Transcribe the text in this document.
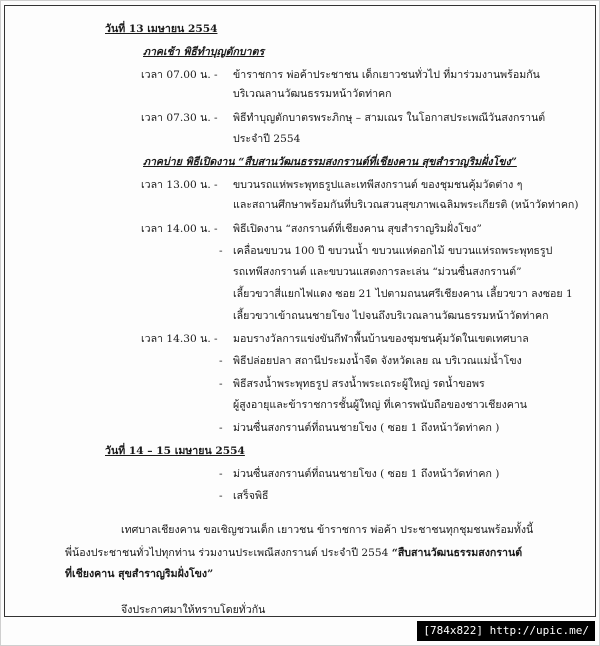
วันที่ 13 เมษายน 2554
ภาคเช้า พิธีทำบุญตักบาตร
เวลา 07.00 น. - ข้าราชการ พ่อค้าประชาชน เด็กเยาวชนทั่วไป ที่มาร่วมงานพร้อมกัน
บริเวณลานวัฒนธรรมหน้าวัดท่าคก
เวลา 07.30 น. - พิธีทำบุญตักบาตรพระภิกษุ – สามเณร ในโอกาสประเพณีวันสงกรานต์
ประจำปี 2554
ภาคบ่าย พิธีเปิดงาน “สืบสานวัฒนธรรมสงกรานต์ที่เชียงคาน สุขสำราญริมฝั่งโขง”
เวลา 13.00 น. - ขบวนรถแห่พระพุทธรูปและเทพีสงกรานต์ ของชุมชนคุ้มวัดต่าง ๆ
และสถานศึกษาพร้อมกันที่บริเวณสวนสุขภาพเฉลิมพระเกียรติ (หน้าวัดท่าคก)
เวลา 14.00 น. - พิธีเปิดงาน “สงกรานต์ที่เชียงคาน สุขสำราญริมฝั่งโขง”
- เคลื่อนขบวน 100 ปี ขบวนน้ำ ขบวนแห่ดอกไม้ ขบวนแห่รถพระพุทธรูป
รถเทพีสงกรานต์ และขบวนแสดงการละเล่น “ม่วนซื่นสงกรานต์”
เลี้ยวขวาสี่แยกไฟแดง ซอย 21 ไปตามถนนศรีเชียงคาน เลี้ยวขวา ลงซอย 1
เลี้ยวขวาเข้าถนนชายโขง ไปจนถึงบริเวณลานวัฒนธรรมหน้าวัดท่าคก
เวลา 14.30 น. - มอบรางวัลการแข่งขันกีฬาพื้นบ้านของชุมชนคุ้มวัดในเขตเทศบาล
- พิธีปล่อยปลา สถานีประมงน้ำจืด จังหวัดเลย ณ บริเวณแม่น้ำโขง
- พิธีสรงน้ำพระพุทธรูป สรงน้ำพระเถระผู้ใหญ่ รดน้ำขอพร
ผู้สูงอายุและข้าราชการชั้นผู้ใหญ่ ที่เคารพนับถือของชาวเชียงคาน
- ม่วนซื่นสงกรานต์ที่ถนนชายโขง ( ซอย 1 ถึงหน้าวัดท่าคก )
วันที่ 14 – 15 เมษายน 2554
- ม่วนซื่นสงกรานต์ที่ถนนชายโขง ( ซอย 1 ถึงหน้าวัดท่าคก )
- เสร็จพิธี
เทศบาลเชียงคาน ขอเชิญชวนเด็ก เยาวชน ข้าราชการ พ่อค้า ประชาชนทุกชุมชนพร้อมทั้งนี้
พี่น้องประชาชนทั่วไปทุกท่าน ร่วมงานประเพณีสงกรานต์ ประจำปี 2554 “สืบสานวัฒนธรรมสงกรานต์
ที่เชียงคาน สุขสำราญริมฝั่งโขง”
จึงประกาศมาให้ทราบโดยทั่วกัน
[784x822] http://upic.me/
